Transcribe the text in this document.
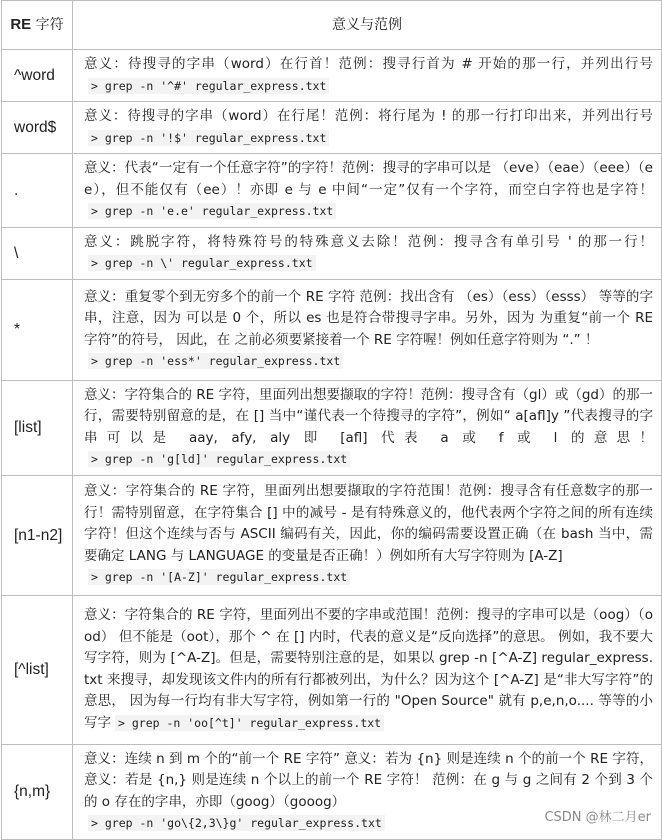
RE 字符	意义与范例
^word	意义：待搜寻的字串（word）在行首！范例：搜寻行首为 # 开始的那一行，并列出行号> grep -n '^#' regular_express.txt
word$	意义：待搜寻的字串（word）在行尾！范例：将行尾为 ! 的那一行打印出来，并列出行号> grep -n '!$' regular_express.txt
.	意义：代表“一定有一个任意字符”的字符！范例：搜寻的字串可以是 （eve）（eae）（eee）（e e），但不能仅有（ee）！亦即 e 与 e 中间“一定”仅有一个字符，而空白字符也是字符！> grep -n 'e.e' regular_express.txt
\	意义：跳脱字符，将特殊符号的特殊意义去除！范例：搜寻含有单引号 ' 的那一行！> grep -n \' regular_express.txt
*	意义：重复零个到无穷多个的前一个 RE 字符 范例：找出含有 （es）（ess）（esss） 等等的字串，注意，因为 可以是 0 个，所以 es 也是符合带搜寻字串。另外，因为 为重复“前一个 RE 字符”的符号， 因此，在 之前必须要紧接着一个 RE 字符喔！例如任意字符则为 “.” ！
> grep -n 'ess*' regular_express.txt
[list]	意义：字符集合的 RE 字符，里面列出想要撷取的字符！范例：搜寻含有（gl）或（gd）的那一行，需要特别留意的是，在 [] 当中“谨代表一个待搜寻的字符”，例如“ a[afl]y ”代表搜寻的字串可以是 aay, afy, aly 即 [afl] 代表 a 或 f 或 l 的意思！> grep -n 'g[ld]' regular_express.txt
[n1-n2]	意义：字符集合的 RE 字符，里面列出想要撷取的字符范围！范例：搜寻含有任意数字的那一行！需特别留意，在字符集合 [] 中的减号 - 是有特殊意义的，他代表两个字符之间的所有连续字符！但这个连续与否与 ASCII 编码有关，因此，你的编码需要设置正确（在 bash 当中，需要确定 LANG 与 LANGUAGE 的变量是否正确！）例如所有大写字符则为 [A-Z]
> grep -n '[A-Z]' regular_express.txt
[^list]	意义：字符集合的 RE 字符，里面列出不要的字串或范围！范例：搜寻的字串可以是（oog）（ood） 但不能是（oot），那个 ^ 在 [] 内时，代表的意义是“反向选择”的意思。 例如，我不要大写字符，则为 [^A-Z]。但是，需要特别注意的是，如果以 grep -n [^A-Z] regular_express.txt 来搜寻，却发现该文件内的所有行都被列出，为什么？因为这个 [^A-Z] 是“非大写字符”的意思， 因为每一行均有非大写字符，例如第一行的 "Open Source" 就有 p,e,n,o.... 等等的小写字 > grep -n 'oo[^t]' regular_express.txt
{n,m}	意义：连续 n 到 m 个的“前一个 RE 字符” 意义：若为 {n} 则是连续 n 个的前一个 RE 字符， 意义：若是 {n,} 则是连续 n 个以上的前一个 RE 字符！ 范例：在 g 与 g 之间有 2 个到 3 个的 o 存在的字串，亦即（goog）（gooog）
> grep -n 'go\{2,3\}g' regular_express.txt	CSDN @林二月er
